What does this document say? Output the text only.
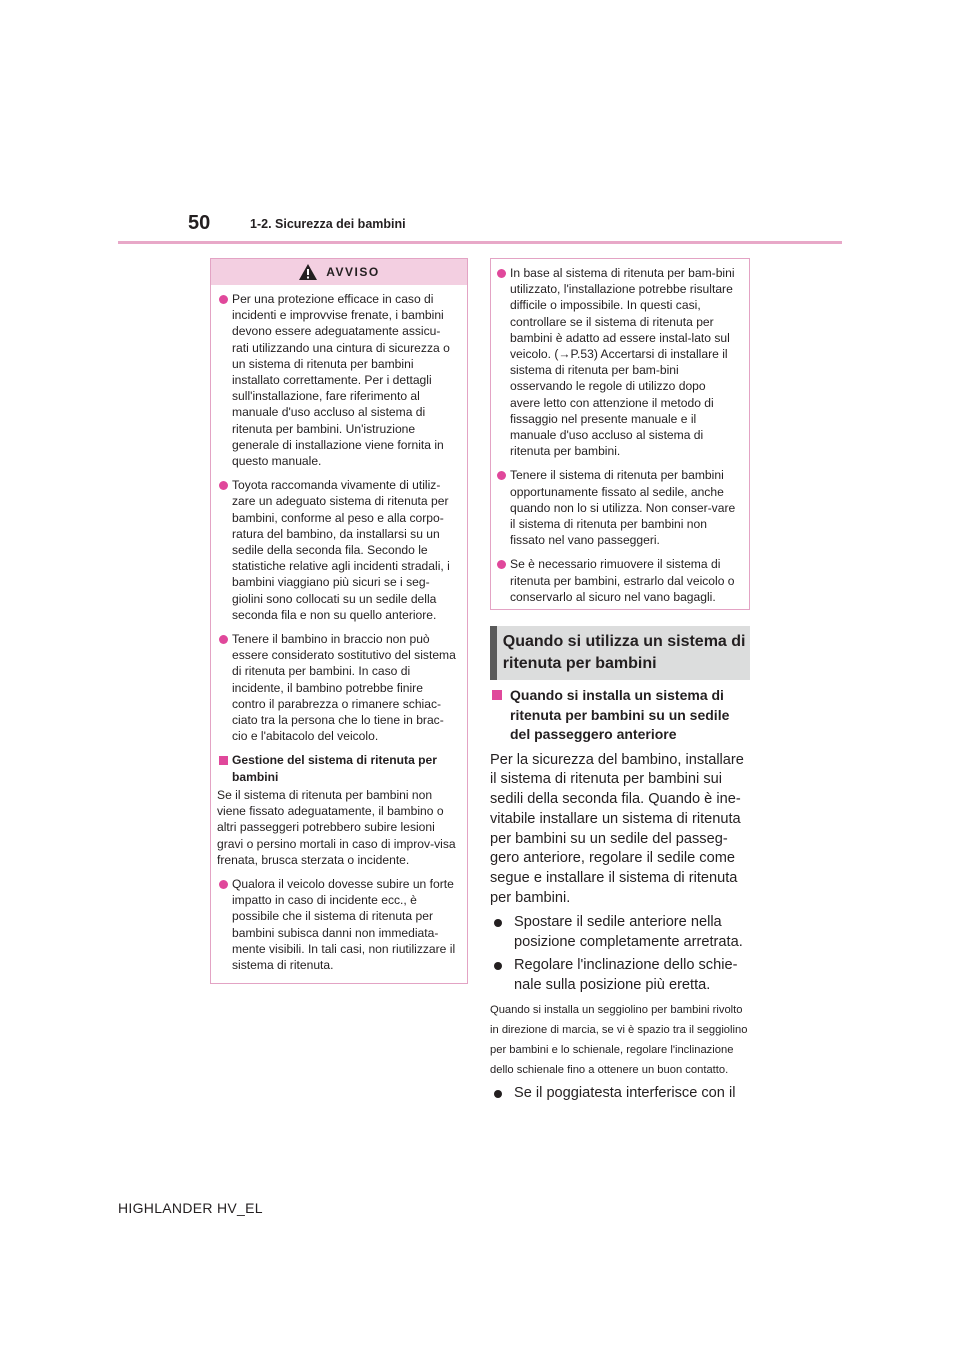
50	1-2. Sicurezza dei bambini
AVVISO
Per una protezione efficace in caso di incidenti e improvvise frenate, i bambini devono essere adeguatamente assicu-rati utilizzando una cintura di sicurezza o un sistema di ritenuta per bambini installato correttamente. Per i dettagli sull'installazione, fare riferimento al manuale d'uso accluso al sistema di ritenuta per bambini. Un'istruzione generale di installazione viene fornita in questo manuale.
Toyota raccomanda vivamente di utiliz-zare un adeguato sistema di ritenuta per bambini, conforme al peso e alla corpo-ratura del bambino, da installarsi su un sedile della seconda fila. Secondo le statistiche relative agli incidenti stradali, i bambini viaggiano più sicuri se i seg-giolini sono collocati su un sedile della seconda fila e non su quello anteriore.
Tenere il bambino in braccio non può essere considerato sostitutivo del sistema di ritenuta per bambini. In caso di incidente, il bambino potrebbe finire contro il parabrezza o rimanere schiac-ciato tra la persona che lo tiene in brac-cio e l'abitacolo del veicolo.
Gestione del sistema di ritenuta per bambini
Se il sistema di ritenuta per bambini non viene fissato adeguatamente, il bambino o altri passeggeri potrebbero subire lesioni gravi o persino mortali in caso di improv-visa frenata, brusca sterzata o incidente.
Qualora il veicolo dovesse subire un forte impatto in caso di incidente ecc., è possibile che il sistema di ritenuta per bambini subisca danni non immediata-mente visibili. In tali casi, non riutilizzare il sistema di ritenuta.
In base al sistema di ritenuta per bam-bini utilizzato, l'installazione potrebbe risultare difficile o impossibile. In questi casi, controllare se il sistema di ritenuta per bambini è adatto ad essere instal-lato sul veicolo. (→P.53) Accertarsi di installare il sistema di ritenuta per bam-bini osservando le regole di utilizzo dopo avere letto con attenzione il metodo di fissaggio nel presente manuale e il manuale d'uso accluso al sistema di ritenuta per bambini.
Tenere il sistema di ritenuta per bambini opportunamente fissato al sedile, anche quando non lo si utilizza. Non conser-vare il sistema di ritenuta per bambini non fissato nel vano passeggeri.
Se è necessario rimuovere il sistema di ritenuta per bambini, estrarlo dal veicolo o conservarlo al sicuro nel vano bagagli.
Quando si utilizza un sistema di ritenuta per bambini
Quando si installa un sistema di ritenuta per bambini su un sedile del passeggero anteriore
Per la sicurezza del bambino, installare il sistema di ritenuta per bambini sui sedili della seconda fila. Quando è ine-vitabile installare un sistema di ritenuta per bambini su un sedile del passeg-gero anteriore, regolare il sedile come segue e installare il sistema di ritenuta per bambini.
Spostare il sedile anteriore nella posizione completamente arretrata.
Regolare l'inclinazione dello schie-nale sulla posizione più eretta.
Quando si installa un seggiolino per bambini rivolto in direzione di marcia, se vi è spazio tra il seggiolino per bambini e lo schienale, regolare l'inclinazione dello schienale fino a ottenere un buon contatto.
Se il poggiatesta interferisce con il
HIGHLANDER HV_EL
